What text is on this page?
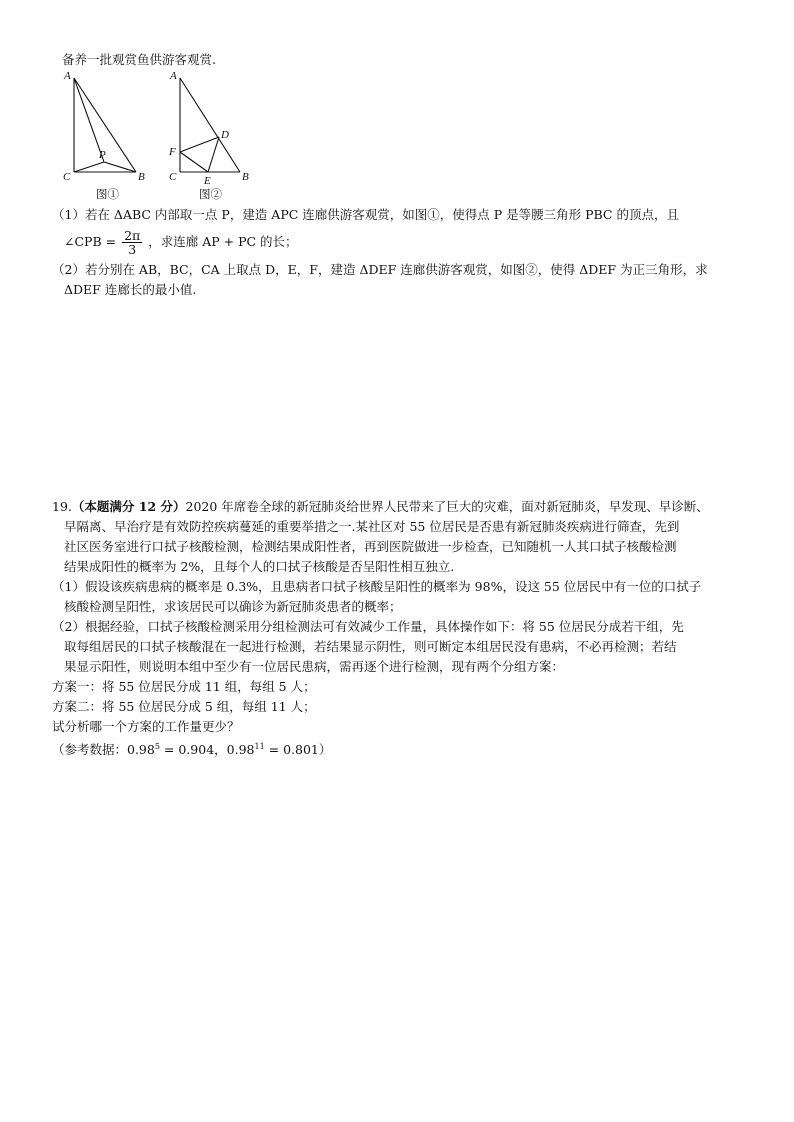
备养一批观赏鱼供游客观赏.
A
C	B
P
图①
A
C	B
D
E
F
图②
（1）若在 ΔABC 内部取一点 P，建造 APC 连廊供游客观赏，如图①，使得点 P 是等腰三角形 PBC 的顶点，且
∠CPB = $\frac{2\pi}{3}$ ，求连廊 AP + PC 的长；
（2）若分别在 AB，BC，CA 上取点 D，E，F，建造 ΔDEF 连廊供游客观赏，如图②，使得 ΔDEF 为正三角形，求
ΔDEF 连廊长的最小值.
19.（本题满分 12 分）2020 年席卷全球的新冠肺炎给世界人民带来了巨大的灾难，面对新冠肺炎，早发现、早诊断、
早隔离、早治疗是有效防控疾病蔓延的重要举措之一.某社区对 55 位居民是否患有新冠肺炎疾病进行筛查，先到
社区医务室进行口拭子核酸检测，检测结果成阳性者，再到医院做进一步检查，已知随机一人其口拭子核酸检测
结果成阳性的概率为 2%，且每个人的口拭子核酸是否呈阳性相互独立.
（1）假设该疾病患病的概率是 0.3%，且患病者口拭子核酸呈阳性的概率为 98%，设这 55 位居民中有一位的口拭子
核酸检测呈阳性，求该居民可以确诊为新冠肺炎患者的概率；
（2）根据经验，口拭子核酸检测采用分组检测法可有效减少工作量，具体操作如下：将 55 位居民分成若干组，先
取每组居民的口拭子核酸混在一起进行检测，若结果显示阴性，则可断定本组居民没有患病，不必再检测；若结
果显示阳性，则说明本组中至少有一位居民患病，需再逐个进行检测，现有两个分组方案：
方案一：将 55 位居民分成 11 组，每组 5 人；
方案二：将 55 位居民分成 5 组，每组 11 人；
试分析哪一个方案的工作量更少？
（参考数据：$0.98^5 = 0.904$，$0.98^{11} = 0.801$）
